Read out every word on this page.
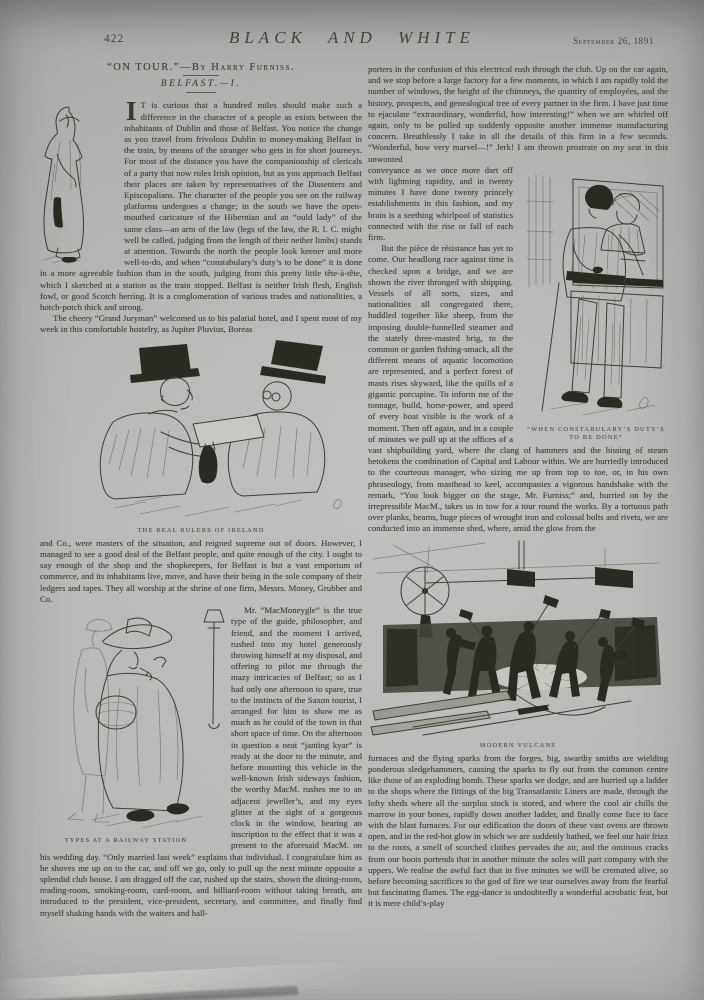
422	BLACK AND WHITE	September 26, 1891
“ON TOUR.”—By Harry Furniss.
BELFAST.—I.
I T is curious that a hundred miles should make such a difference in the character of a people as exists between the inhabitants of Dublin and those of Belfast. You notice the change as you travel from frivolous Dublin to money-making Belfast in the train, by means of the stranger who gets in for short journeys. For most of the distance you have the companionship of clericals of a party that now rules Irish opinion, but as you approach Belfast their places are taken by representatives of the Dissenters and Episcopalians. The character of the people you see on the railway platforms undergoes a change; in the south we have the open-mouthed caricature of the Hibernian and an “ould lady” of the same class—an arm of the law (legs of the law, the R. I. C. might well be called, judging from the length of their nether limbs) stands at attention. Towards the north the people look keener and more well-to-do, and when “constabulary’s duty’s to be done” it is done in a more agreeable fashion than in the south, judging from this pretty little tête-à-tête, which I sketched at a station as the train stopped. Belfast is neither Irish flesh, English fowl, or good Scotch herring. It is a conglomeration of various trades and nationalities, a hotch-potch thick and strong.

The cheery “Grand Juryman” welcomed us to his palatial hotel, and I spent most of my week in this comfortable hostelry, as Jupiter Pluvius, Boreas

THE REAL RULERS OF IRELAND

and Co., were masters of the situation, and reigned supreme out of doors. However, I managed to see a good deal of the Belfast people, and quite enough of the city. I ought to say enough of the shop and the shopkeepers, for Belfast is but a vast emporium of commerce, and its inhabitants live, move, and have their being in the sole company of their ledgers and tapes. They all worship at the shrine of one firm, Messrs. Money, Grubber and Co.

TYPES AT A RAILWAY STATION
Mr. “MacMoneygle” is the true type of the guide, philosopher, and friend, and the moment I arrived, rushed into my hotel generously throwing himself at my disposal, and offering to pilot me through the mazy intricacies of Belfast; so as I had only one afternoon to spare, true to the instincts of the Saxon tourist, I arranged for him to show me as much as he could of the town in that short space of time. On the afternoon in question a neat “janting kyar” is ready at the door to the minute, and before mounting this vehicle in the well-known Irish sideways fashion, the worthy MacM. rushes me to an adjacent jeweller’s, and my eyes glitter at the sight of a gorgeous clock in the window, bearing an inscription to the effect that it was a present to the aforesaid MacM. on his wedding day. “Only married last week” explains that individual. I congratulate him as he shoves me up on to the car, and off we go, only to pull up the next minute opposite a splendid club house. I am dragged off the car, rushed up the stairs, shown the dining-room, reading-room, smoking-room, card-room, and billiard-room without taking breath, am introduced to the president, vice-president, secretary, and committee, and finally find myself shaking hands with the waiters and hall-

porters in the confusion of this electrical rush through the club. Up on the car again, and we stop before a large factory for a few moments, in which I am rapidly told the number of windows, the height of the chimneys, the quantity of employées, and the history, prospects, and genealogical tree of every partner in the firm. I have just time to ejaculate “extraordinary, wonderful, how interesting!” when we are whirled off again, only to be pulled up suddenly opposite another immense manufacturing concern. Breathlessly I take in all the details of this firm in a few seconds. “Wonderful, how very marvel—!” Jerk! I am thrown prostrate on my seat in this unwonted

“WHEN CONSTABULARY’S DUTY’S TO BE DONE”
conveyance as we once more dart off with lightning rapidity, and in twenty minutes I have done twenty princely establishments in this fashion, and my brain is a seething whirlpool of statistics connected with the rise or fall of each firm.

But the pièce de résistance has yet to come. Our headlong race against time is checked upon a bridge, and we are shown the river thronged with shipping. Vessels of all sorts, sizes, and nationalities all congregated there, huddled together like sheep, from the imposing double-funnelled steamer and the stately three-masted brig, to the common or garden fishing-smack, all the different means of aquatic locomotion are represented, and a perfect forest of masts rises skyward, like the quills of a gigantic porcupine. To inform me of the tonnage, build, horse-power, and speed of every boat visible is the work of a moment. Then off again, and in a couple of minutes we pull up at the offices of a vast shipbuilding yard, where the clang of hammers and the hissing of steam betokens the combination of Capital and Labour within. We are hurriedly introduced to the courteous manager, who sizing me up from top to toe, or, in his own phraseology, from masthead to keel, accompanies a vigorous handshake with the remark, “You look bigger on the stage, Mr. Furniss;” and, hurried on by the irrepressible MacM., takes us in tow for a tour round the works. By a tortuous path over planks, beams, huge pieces of wrought iron and colossal bolts and rivets, we are conducted into an immense shed, where, amid the glow from the

MODERN VULCANS

furnaces and the flying sparks from the forges, big, swarthy smiths are wielding ponderous sledgehammers, causing the sparks to fly out from the common centre like those of an exploding bomb. These sparks we dodge, and are hurried up a ladder to the shops where the fittings of the big Transatlantic Liners are made, through the lofty sheds where all the surplus stock is stored, and where the cool air chills the marrow in your bones, rapidly down another ladder, and finally come face to face with the blast furnaces. For our edification the doors of these vast ovens are thrown open, and in the red-hot glow in which we are suddenly bathed, we feel our hair frizz to the roots, a smell of scorched clothes pervades the air, and the ominous cracks from our boots portends that in another minute the soles will part company with the uppers. We realise the awful fact that in five minutes we will be cremated alive, so before becoming sacrifices to the god of fire we tear ourselves away from the fearful but fascinating flames. The egg-dance is undoubtedly a wonderful acrobatic feat, but it is mere child’s-play
